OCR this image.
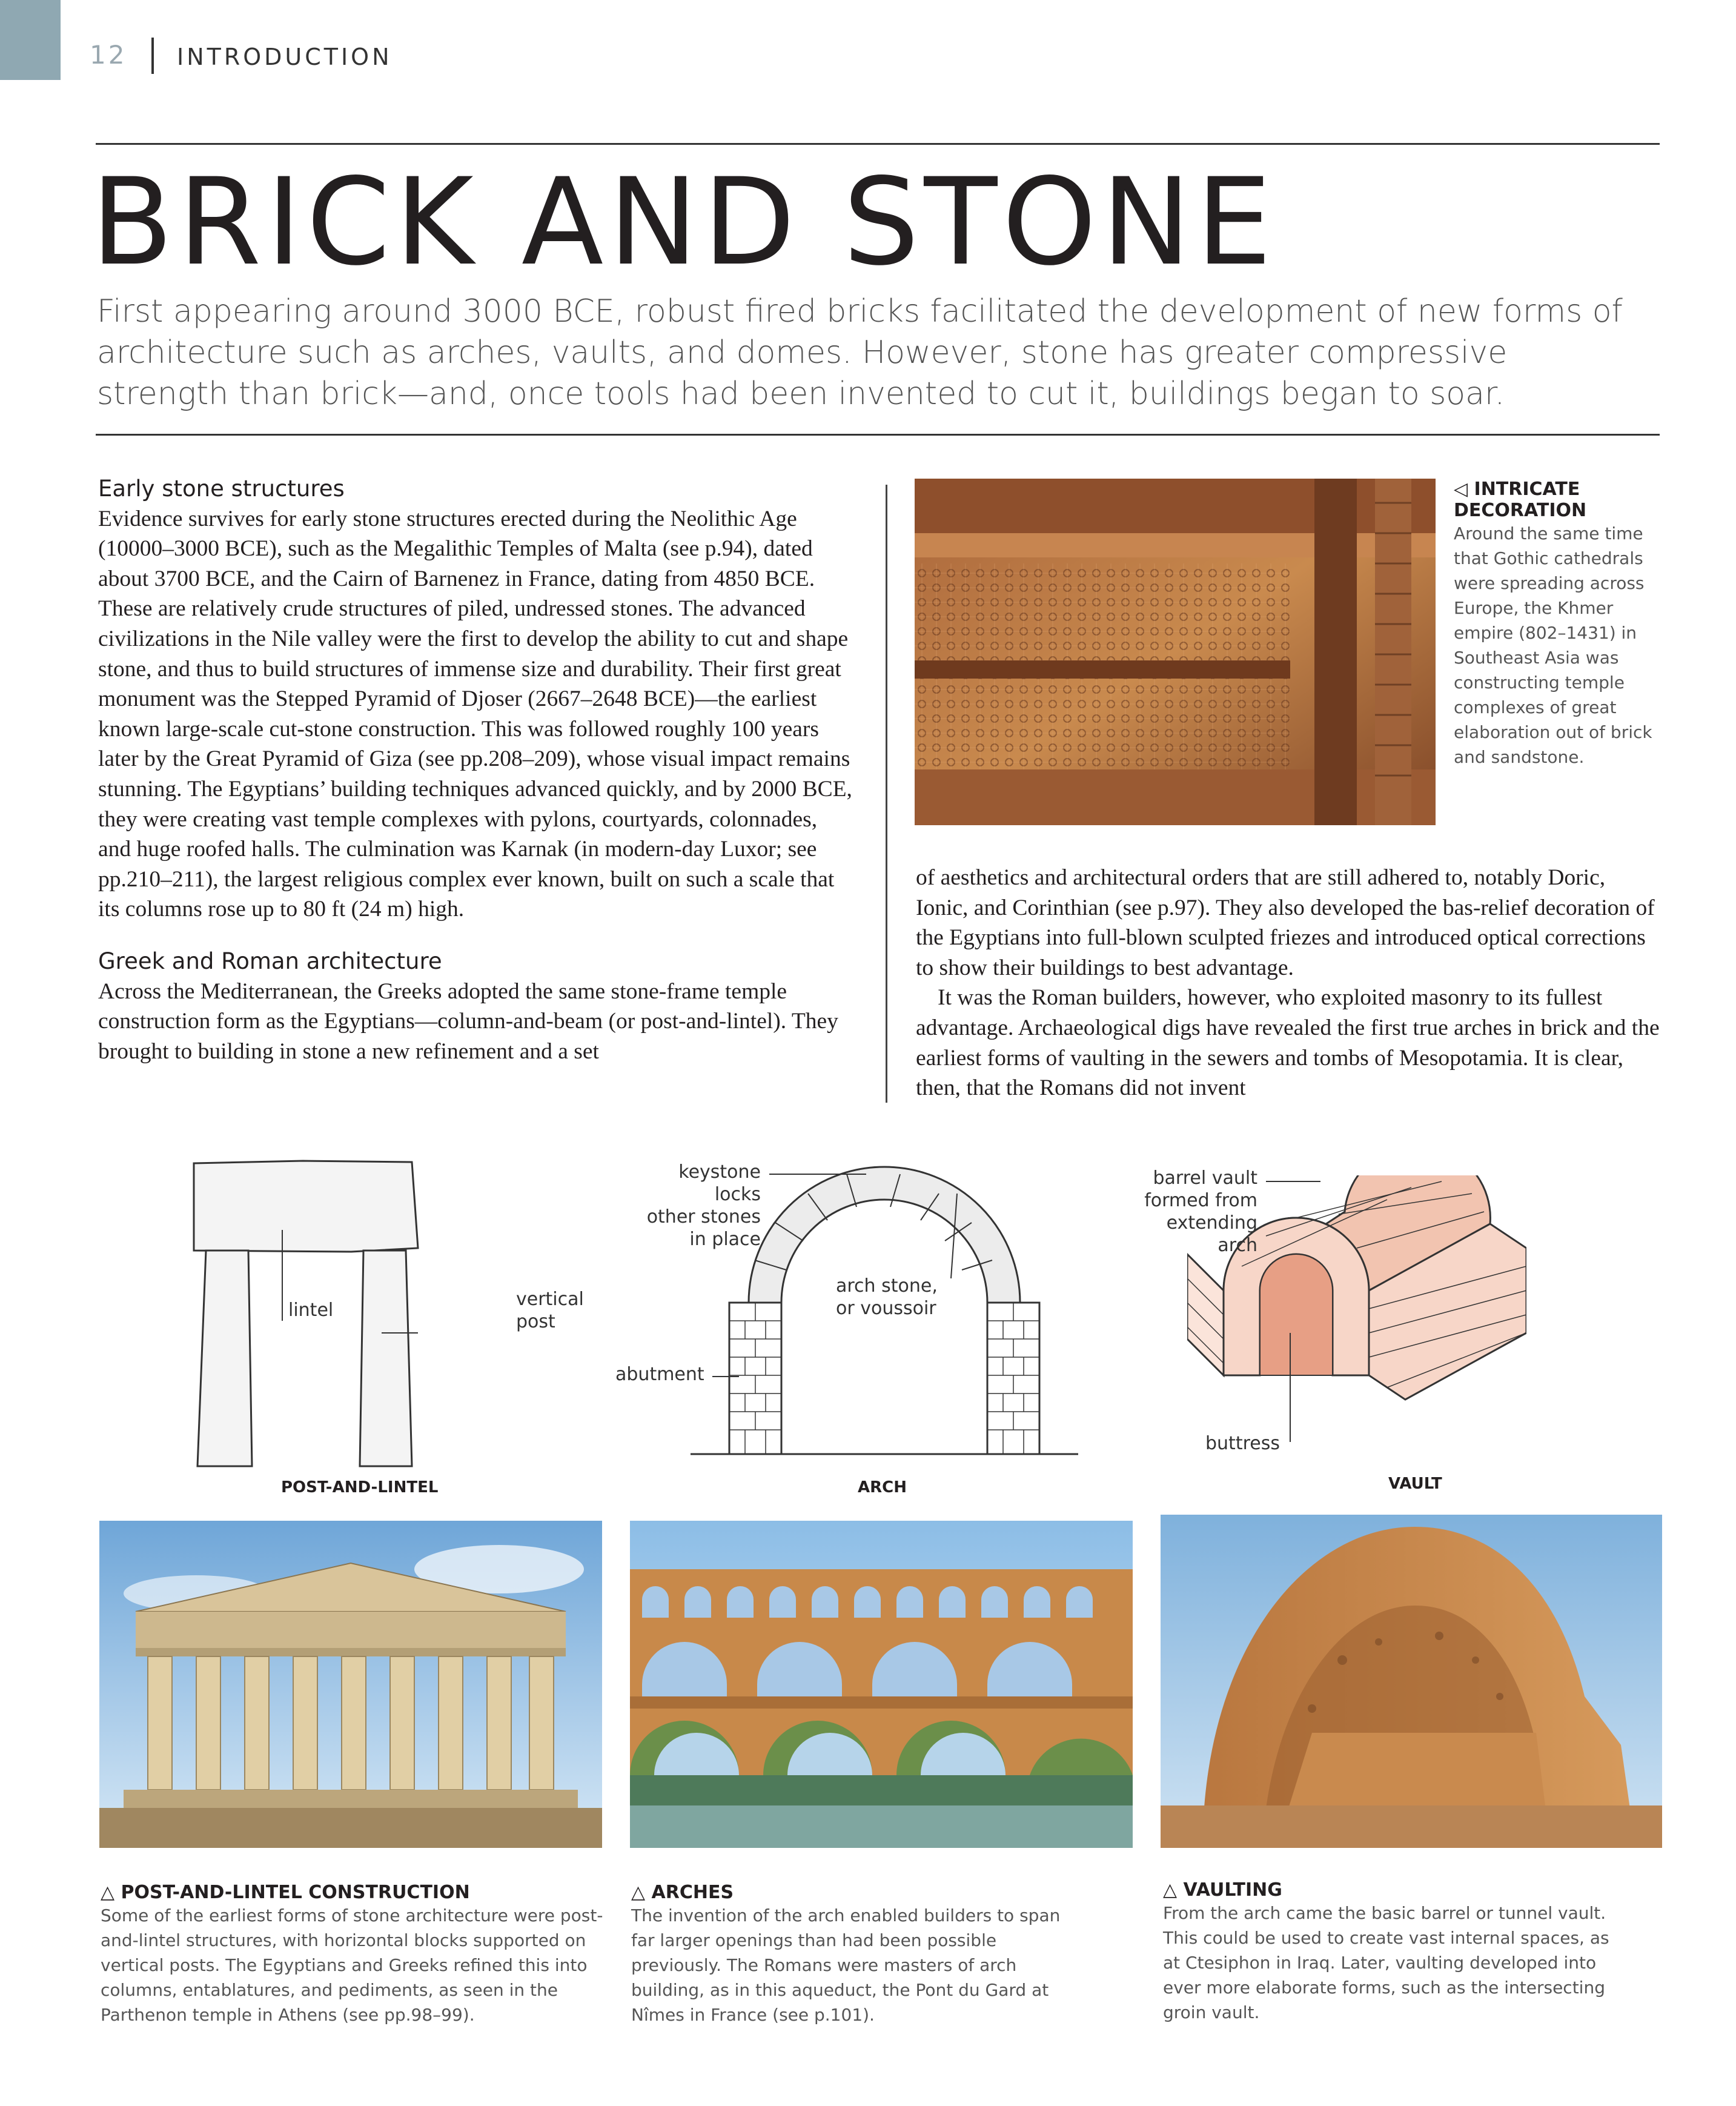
12 INTRODUCTION
BRICK AND STONE
First appearing around 3000 BCE, robust fired bricks facilitated the development of new forms of architecture such as arches, vaults, and domes. However, stone has greater compressive strength than brick—and, once tools had been invented to cut it, buildings began to soar.
Early stone structures

Evidence survives for early stone structures erected during the Neolithic Age (10000–3000 BCE), such as the Megalithic Temples of Malta (see p.94), dated about 3700 BCE, and the Cairn of Barnenez in France, dating from 4850 BCE. These are relatively crude structures of piled, undressed stones. The advanced civilizations in the Nile valley were the first to develop the ability to cut and shape stone, and thus to build structures of immense size and durability. Their first great monument was the Stepped Pyramid of Djoser (2667–2648 BCE)—the earliest known large-scale cut-stone construction. This was followed roughly 100 years later by the Great Pyramid of Giza (see pp.208–209), whose visual impact remains stunning. The Egyptians’ building techniques advanced quickly, and by 2000 BCE, they were creating vast temple complexes with pylons, courtyards, colonnades, and huge roofed halls. The culmination was Karnak (in modern-day Luxor; see pp.210–211), the largest religious complex ever known, built on such a scale that its columns rose up to 80 ft (24 m) high.

Greek and Roman architecture

Across the Mediterranean, the Greeks adopted the same stone-frame temple construction form as the Egyptians—column-and-beam (or post-and-lintel). They brought to building in stone a new refinement and a set

◁ INTRICATE
DECORATION
Around the same time that Gothic cathedrals were spreading across Europe, the Khmer empire (802–1431) in Southeast Asia was constructing temple complexes of great elaboration out of brick and sandstone.

of aesthetics and architectural orders that are still adhered to, notably Doric, Ionic, and Corinthian (see p.97). They also developed the bas-relief decoration of the Egyptians into full-blown sculpted friezes and introduced optical corrections to show their buildings to best advantage.

It was the Roman builders, however, who exploited masonry to its fullest advantage. Archaeological digs have revealed the first true arches in brick and the earliest forms of vaulting in the sewers and tombs of Mesopotamia. It is clear, then, that the Romans did not invent

lintel
vertical
post
POST-AND-LINTEL
keystone locks
other stones
in place
arch stone,
or voussoir
abutment
ARCH
barrel vault
formed from
extending arch
buttress
VAULT
△ POST-AND-LINTEL CONSTRUCTION
Some of the earliest forms of stone architecture were post-and-lintel structures, with horizontal blocks supported on vertical posts. The Egyptians and Greeks refined this into columns, entablatures, and pediments, as seen in the Parthenon temple in Athens (see pp.98–99).
△ ARCHES
The invention of the arch enabled builders to span far larger openings than had been possible previously. The Romans were masters of arch building, as in this aqueduct, the Pont du Gard at Nîmes in France (see p.101).
△ VAULTING
From the arch came the basic barrel or tunnel vault. This could be used to create vast internal spaces, as at Ctesiphon in Iraq. Later, vaulting developed into ever more elaborate forms, such as the intersecting groin vault.
